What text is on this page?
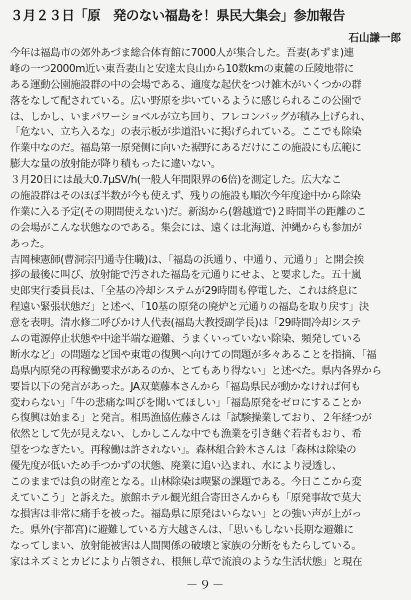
３月２３日「原　発のない福島を！県民大集会」参加報告
石山謙一郎
今年は福島市の郊外あづま総合体育館に7000人が集合した。吾妻(あずま)連
峰の一つ2000m近い東吾妻山と安達太良山から10数kmの東麓の丘陵地帯に
ある運動公園施設群の中の会場である、適度な起伏をつけ雑木がいくつかの群
落をなして配されている。広い野原を歩いているように感じられるこの公園で
は、しかし、いまパワーショベルが立ち回り、フレコンバッグが積み上げられ、
「危ない、立ち入るな」の表示板が歩道沿いに掲げられている。ここでも除染
作業中なのだ。福島第一原発侧に向いた裾野にあるだけにこの施設にも広範に
膨大な量の放射能が降り積もったに違いない。
３月20日には最大0.7μSV/h(一般人年間限界の6倍)を測定した。広大なこ
の施設群はそのほぼ半数が今も使えず、残りの施設も順次今年度途中から除染
作業に入る予定(その期間使えない)だ。新潟から(磐越道で)２時間半の距離のこ
の会場がこんな状態なのである。集会には、遠くは北海道、沖縄からも参加が
あった。
吉岡棟憲師(曹洞宗円通寺住職)は、「福島の浜通り、中通り、元通り」と開会挨
拶の最後に叫び、放射能で汚された福島を元通りにせよ、と要求した。五十嵐
史郎実行委員長は、「全基の冷却システムが29時間も停電した、これは終息に
程遠い緊張状態だ」と述べ、「10基の原発の廃炉と元通りの福島を取り戻す」決
意を表明。清水修二呼びかけ人代表(福島大教授副学長)は「29時間冷却システ
ムの電源停止状態や中途半端な避難、うまくいっていない除染、頻発している
断水など」の問題など国や東電の復興へ向けての問題が多々あることを指摘、「福
島県内原発の再稼働要求があるのか、とてもあり得ない」と述べた。県内各界から
要旨以下の発言があった。JA双葉藤本さんから「福島県民が動かなければ何も
変わらない」「牛の悲痛な叫びを聞いてほしい」「福島原発をゼロにすることか
ら復興は始まる」と発言。相馬漁協佐藤さんは「試験操業しており、２年経つが
依然として先が見えない、しかしこんな中でも漁業を引き継ぐ若者もおり、希
望をつなぎたい。再稼働は許されない」。森林組合鈴木さんは「森林は除染の
優先度が低いため手つかずの状態、廃業に追い込まれ、水により浸透し、
このままでは負の財産となる。山林除染は喫緊の課題である。今日ここから変
えていこう」と訴えた。旅館ホテル観光組合寄田さんからも「原発事故で莫大
な損害は非常に痛手を被った。福島県に原発はいらない」との強い声が上がっ
た。県外(宇都宮)に避難している方大越さんは、「思いもしない長期な避難に
なってしまい、放射能被害は人間関係の破壊と家族の分断をもたらしている。
家はネズミとカビにより占領され、根無し草で流浪のような生活状態」と現在
－９－
